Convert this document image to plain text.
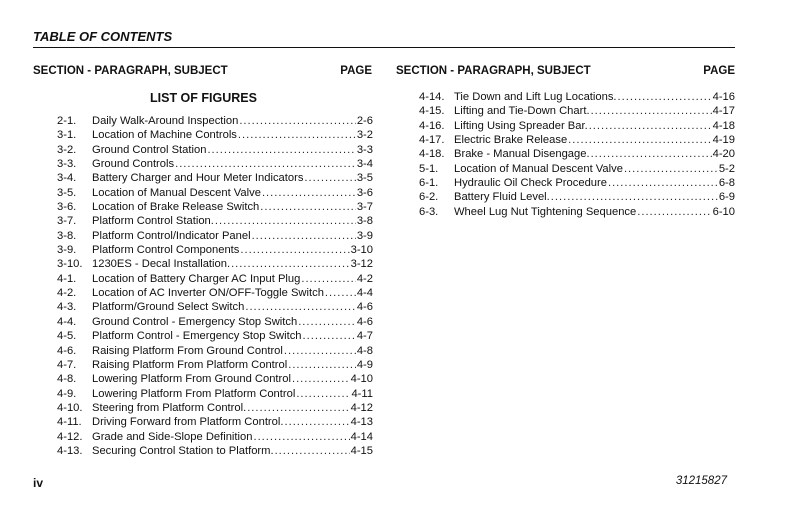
TABLE OF CONTENTS
SECTION - PARAGRAPH, SUBJECT	PAGE SECTION - PARAGRAPH, SUBJECT	PAGE
LIST OF FIGURES
2-1.	Daily Walk-Around Inspection .....	2-6
3-1.	Location of Machine Controls .....	3-2
3-2.	Ground Control Station .....	3-3
3-3.	Ground Controls .....	3-4
3-4.	Battery Charger and Hour Meter Indicators .....	3-5
3-5.	Location of Manual Descent Valve .....	3-6
3-6.	Location of Brake Release Switch .....	3-7
3-7.	Platform Control Station. .....	3-8
3-8.	Platform Control/Indicator Panel .....	3-9
3-9.	Platform Control Components .....	3-10
3-10. 1230ES - Decal Installation. .....	3-12
4-1.	Location of Battery Charger AC Input Plug .....	4-2
4-2.	Location of AC Inverter ON/OFF-Toggle Switch .....	4-4
4-3.	Platform/Ground Select Switch .....	4-6
4-4.	Ground Control - Emergency Stop Switch .....	4-6
4-5.	Platform Control - Emergency Stop Switch .....	4-7
4-6.	Raising Platform From Ground Control .....	4-8
4-7.	Raising Platform From Platform Control .....	4-9
4-8.	Lowering Platform From Ground Control .....	4-10
4-9.	Lowering Platform From Platform Control .....	4-11
4-10. Steering from Platform Control. .....	4-12
4-11. Driving Forward from Platform Control. .....	4-13
4-12. Grade and Side-Slope Definition .....	4-14
4-13. Securing Control Station to Platform. .....	4-15
4-14. Tie Down and Lift Lug Locations. .....	4-16
4-15. Lifting and Tie-Down Chart. .....	4-17
4-16. Lifting Using Spreader Bar. .....	4-18
4-17. Electric Brake Release .....	4-19
4-18. Brake - Manual Disengage. .....	4-20
5-1.	Location of Manual Descent Valve .....	5-2
6-1.	Hydraulic Oil Check Procedure .....	6-8
6-2.	Battery Fluid Level. .....	6-9
6-3.	Wheel Lug Nut Tightening Sequence .....	6-10
iv	31215827
